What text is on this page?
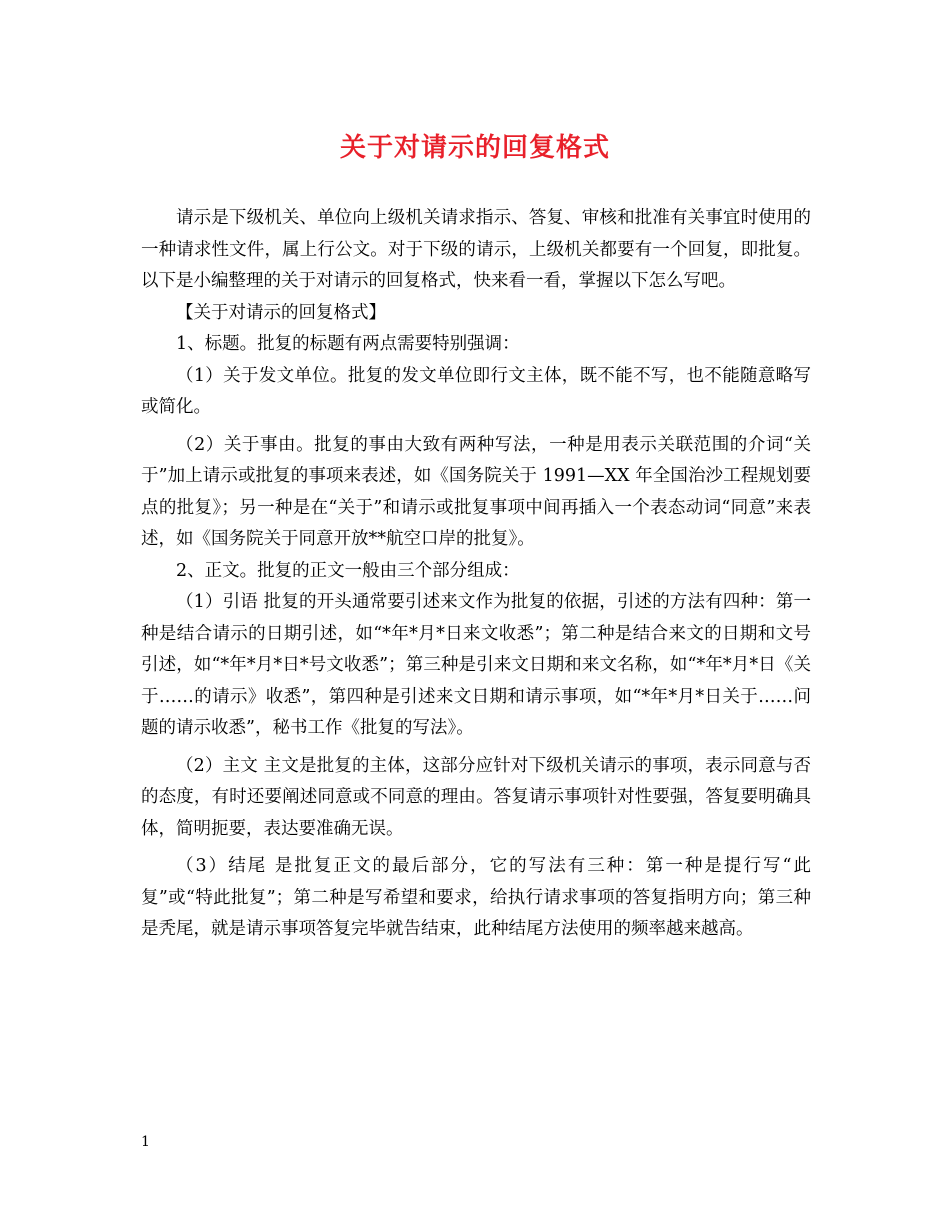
关于对请示的回复格式

请示是下级机关、单位向上级机关请求指示、答复、审核和批准有关事宜时使用的一种请求性文件，属上行公文。对于下级的请示，上级机关都要有一个回复，即批复。以下是小编整理的关于对请示的回复格式，快来看一看，掌握以下怎么写吧。

【关于对请示的回复格式】

1、标题。批复的标题有两点需要特别强调：

（1）关于发文单位。批复的发文单位即行文主体，既不能不写，也不能随意略写或简化。

（2）关于事由。批复的事由大致有两种写法，一种是用表示关联范围的介词“关于”加上请示或批复的事项来表述，如《国务院关于 1991—XX 年全国治沙工程规划要点的批复》；另一种是在“关于”和请示或批复事项中间再插入一个表态动词“同意”来表述，如《国务院关于同意开放**航空口岸的批复》。

2、正文。批复的正文一般由三个部分组成：

（1）引语 批复的开头通常要引述来文作为批复的依据，引述的方法有四种：第一种是结合请示的日期引述，如“*年*月*日来文收悉”；第二种是结合来文的日期和文号引述，如“*年*月*日*号文收悉”；第三种是引来文日期和来文名称，如“*年*月*日《关于……的请示》收悉”，第四种是引述来文日期和请示事项，如“*年*月*日关于……问题的请示收悉”，秘书工作《批复的写法》。

（2）主文 主文是批复的主体，这部分应针对下级机关请示的事项，表示同意与否的态度，有时还要阐述同意或不同意的理由。答复请示事项针对性要强，答复要明确具体，简明扼要，表达要准确无误。

（3）结尾 是批复正文的最后部分，它的写法有三种：第一种是提行写“此复”或“特此批复”；第二种是写希望和要求，给执行请求事项的答复指明方向；第三种是秃尾，就是请示事项答复完毕就告结束，此种结尾方法使用的频率越来越高。

1
